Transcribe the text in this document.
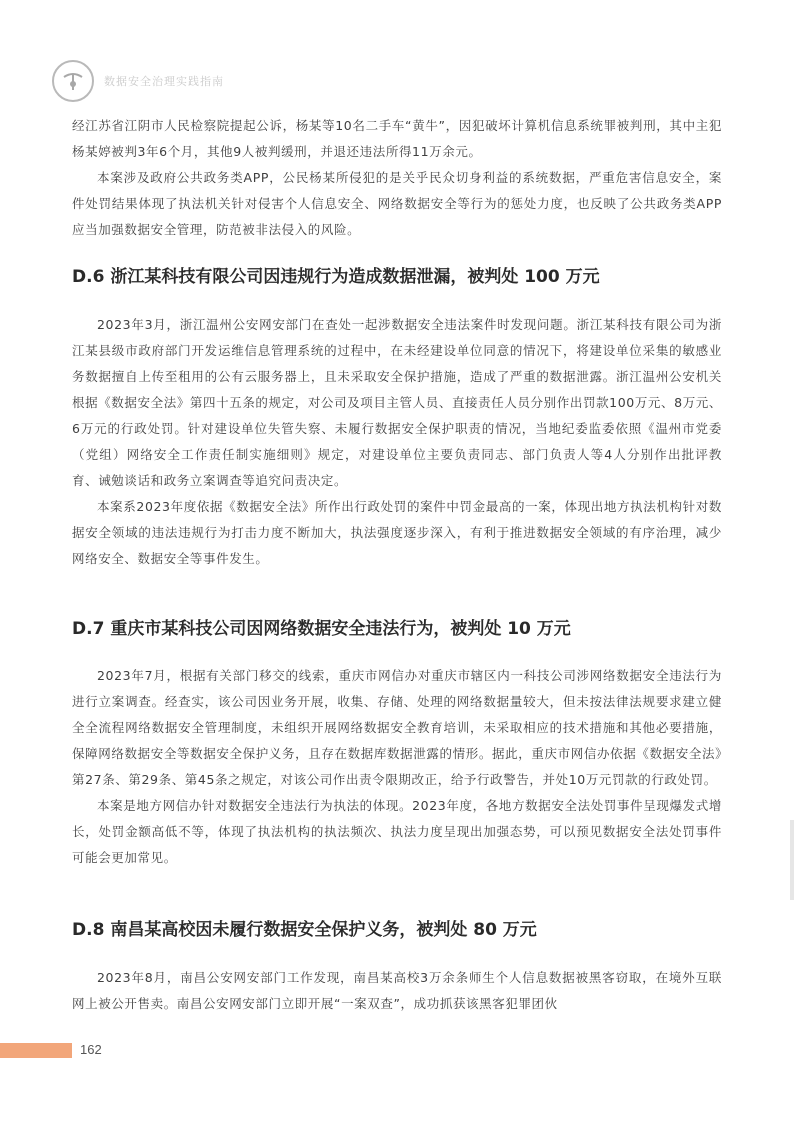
数据安全治理实践指南

经江苏省江阴市人民检察院提起公诉，杨某等10名二手车“黄牛”，因犯破坏计算机信息系统罪被判刑，其中主犯杨某婷被判3年6个月，其他9人被判缓刑，并退还违法所得11万余元。

本案涉及政府公共政务类APP，公民杨某所侵犯的是关乎民众切身利益的系统数据，严重危害信息安全，案件处罚结果体现了执法机关针对侵害个人信息安全、网络数据安全等行为的惩处力度，也反映了公共政务类APP应当加强数据安全管理，防范被非法侵入的风险。

D.6 浙江某科技有限公司因违规行为造成数据泄漏，被判处 100 万元

2023年3月，浙江温州公安网安部门在查处一起涉数据安全违法案件时发现问题。浙江某科技有限公司为浙江某县级市政府部门开发运维信息管理系统的过程中，在未经建设单位同意的情况下，将建设单位采集的敏感业务数据擅自上传至租用的公有云服务器上，且未采取安全保护措施，造成了严重的数据泄露。浙江温州公安机关根据《数据安全法》第四十五条的规定，对公司及项目主管人员、直接责任人员分别作出罚款100万元、8万元、6万元的行政处罚。针对建设单位失管失察、未履行数据安全保护职责的情况，当地纪委监委依照《温州市党委（党组）网络安全工作责任制实施细则》规定，对建设单位主要负责同志、部门负责人等4人分别作出批评教育、诫勉谈话和政务立案调查等追究问责决定。

本案系2023年度依据《数据安全法》所作出行政处罚的案件中罚金最高的一案，体现出地方执法机构针对数据安全领域的违法违规行为打击力度不断加大，执法强度逐步深入，有利于推进数据安全领域的有序治理，减少网络安全、数据安全等事件发生。

D.7 重庆市某科技公司因网络数据安全违法行为，被判处 10 万元

2023年7月，根据有关部门移交的线索，重庆市网信办对重庆市辖区内一科技公司涉网络数据安全违法行为进行立案调查。经查实，该公司因业务开展，收集、存储、处理的网络数据量较大，但未按法律法规要求建立健全全流程网络数据安全管理制度，未组织开展网络数据安全教育培训，未采取相应的技术措施和其他必要措施，保障网络数据安全等数据安全保护义务，且存在数据库数据泄露的情形。据此，重庆市网信办依据《数据安全法》第27条、第29条、第45条之规定，对该公司作出责令限期改正，给予行政警告，并处10万元罚款的行政处罚。

本案是地方网信办针对数据安全违法行为执法的体现。2023年度，各地方数据安全法处罚事件呈现爆发式增长，处罚金额高低不等，体现了执法机构的执法频次、执法力度呈现出加强态势，可以预见数据安全法处罚事件可能会更加常见。

D.8 南昌某高校因未履行数据安全保护义务，被判处 80 万元

2023年8月，南昌公安网安部门工作发现，南昌某高校3万余条师生个人信息数据被黑客窃取，在境外互联网上被公开售卖。南昌公安网安部门立即开展“一案双查”，成功抓获该黑客犯罪团伙

162
